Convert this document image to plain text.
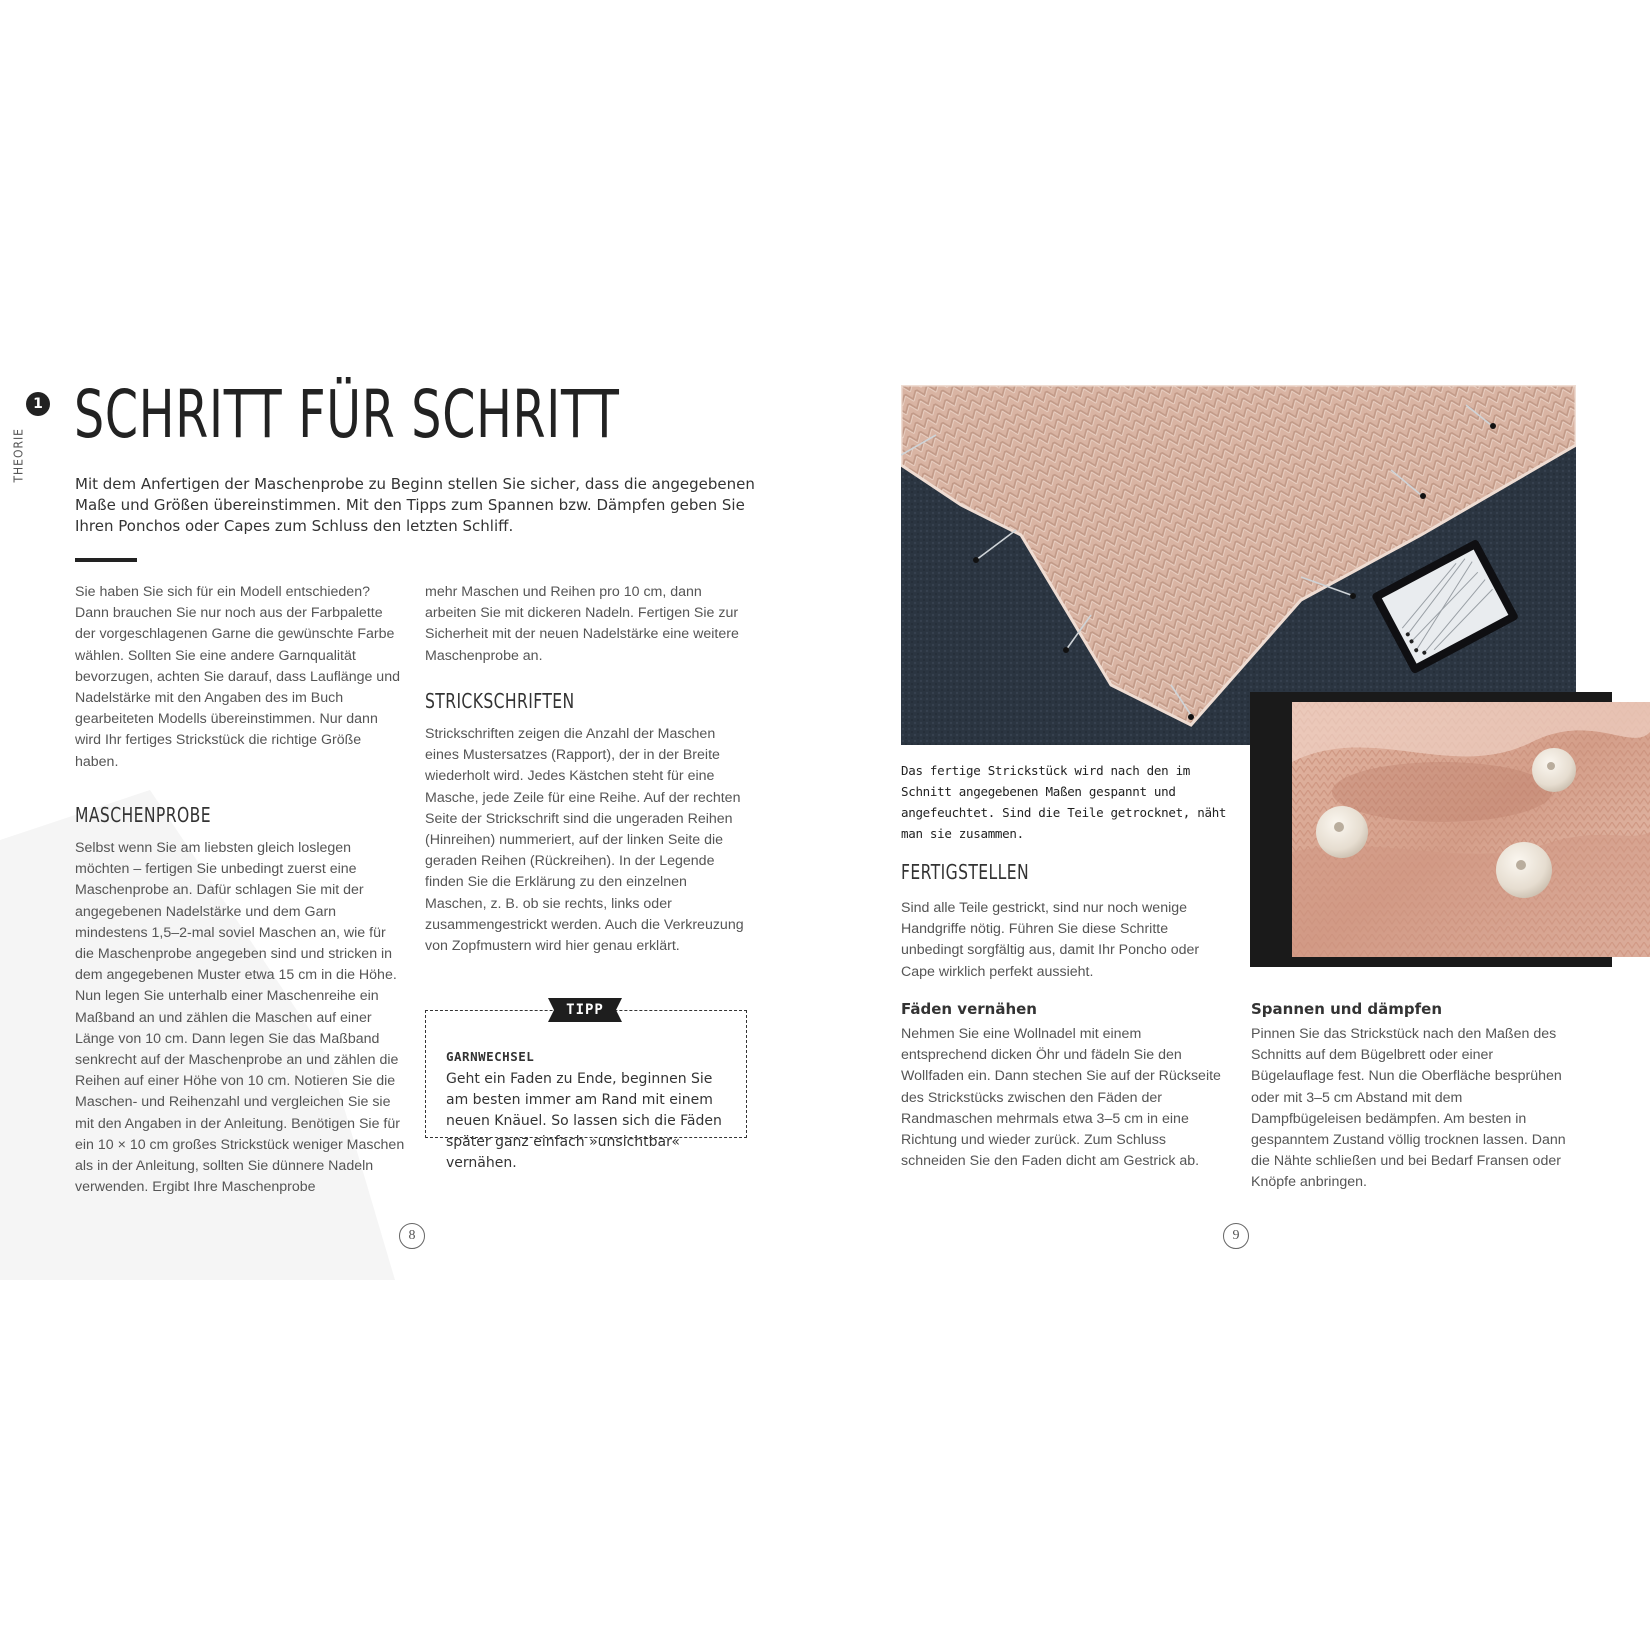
1
THEORIE
SCHRITT FÜR SCHRITT

Mit dem Anfertigen der Maschenprobe zu Beginn stellen Sie sicher, dass die angegebenen Maße und Größen übereinstimmen. Mit den Tipps zum Spannen bzw. Dämpfen geben Sie Ihren Ponchos oder Capes zum Schluss den letzten Schliff.

Sie haben Sie sich für ein Modell entschieden? Dann brauchen Sie nur noch aus der Farbpalette der vorgeschlagenen Garne die gewünschte Farbe wählen. Sollten Sie eine andere Garnqualität bevorzugen, achten Sie darauf, dass Lauflänge und Nadelstärke mit den Angaben des im Buch gearbeiteten Modells übereinstimmen. Nur dann wird Ihr fertiges Strickstück die richtige Größe haben.

MASCHENPROBE

Selbst wenn Sie am liebsten gleich loslegen möchten – fertigen Sie unbedingt zuerst eine Maschenprobe an. Dafür schlagen Sie mit der angegebenen Nadelstärke und dem Garn mindestens 1,5–2-mal soviel Maschen an, wie für die Maschenprobe angegeben sind und stricken in dem angegebenen Muster etwa 15 cm in die Höhe. Nun legen Sie unterhalb einer Maschenreihe ein Maßband an und zählen die Maschen auf einer Länge von 10 cm. Dann legen Sie das Maßband senkrecht auf der Maschenprobe an und zählen die Reihen auf einer Höhe von 10 cm. Notieren Sie die Maschen- und Reihenzahl und vergleichen Sie sie mit den Angaben in der Anleitung. Benötigen Sie für ein 10 × 10 cm großes Strickstück weniger Maschen als in der Anleitung, sollten Sie dünnere Nadeln verwenden. Ergibt Ihre Maschenprobe

mehr Maschen und Reihen pro 10 cm, dann arbeiten Sie mit dickeren Nadeln. Fertigen Sie zur Sicherheit mit der neuen Nadelstärke eine weitere Maschenprobe an.

STRICKSCHRIFTEN

Strickschriften zeigen die Anzahl der Maschen eines Mustersatzes (Rapport), der in der Breite wiederholt wird. Jedes Kästchen steht für eine Masche, jede Zeile für eine Reihe. Auf der rechten Seite der Strickschrift sind die ungeraden Reihen (Hinreihen) nummeriert, auf der linken Seite die geraden Reihen (Rückreihen). In der Legende finden Sie die Erklärung zu den einzelnen Maschen, z. B. ob sie rechts, links oder zusammengestrickt werden. Auch die Verkreuzung von Zopfmustern wird hier genau erklärt.

TIPP
GARNWECHSEL

Geht ein Faden zu Ende, beginnen Sie am besten immer am Rand mit einem neuen Knäuel. So lassen sich die Fäden später ganz einfach »unsichtbar« vernähen.

8

Das fertige Strickstück wird nach den im Schnitt angegebenen Maßen gespannt und angefeuchtet. Sind die Teile getrocknet, näht man sie zusammen.

FERTIGSTELLEN

Sind alle Teile gestrickt, sind nur noch wenige Handgriffe nötig. Führen Sie diese Schritte unbedingt sorgfältig aus, damit Ihr Poncho oder Cape wirklich perfekt aussieht.

Fäden vernähen

Nehmen Sie eine Wollnadel mit einem entsprechend dicken Öhr und fädeln Sie den Wollfaden ein. Dann stechen Sie auf der Rückseite des Strickstücks zwischen den Fäden der Randmaschen mehrmals etwa 3–5 cm in eine Richtung und wieder zurück. Zum Schluss schneiden Sie den Faden dicht am Gestrick ab.

Spannen und dämpfen

Pinnen Sie das Strickstück nach den Maßen des Schnitts auf dem Bügelbrett oder einer Bügelauflage fest. Nun die Oberfläche besprühen oder mit 3–5 cm Abstand mit dem Dampfbügeleisen bedämpfen. Am besten in gespanntem Zustand völlig trocknen lassen. Dann die Nähte schließen und bei Bedarf Fransen oder Knöpfe anbringen.

9
